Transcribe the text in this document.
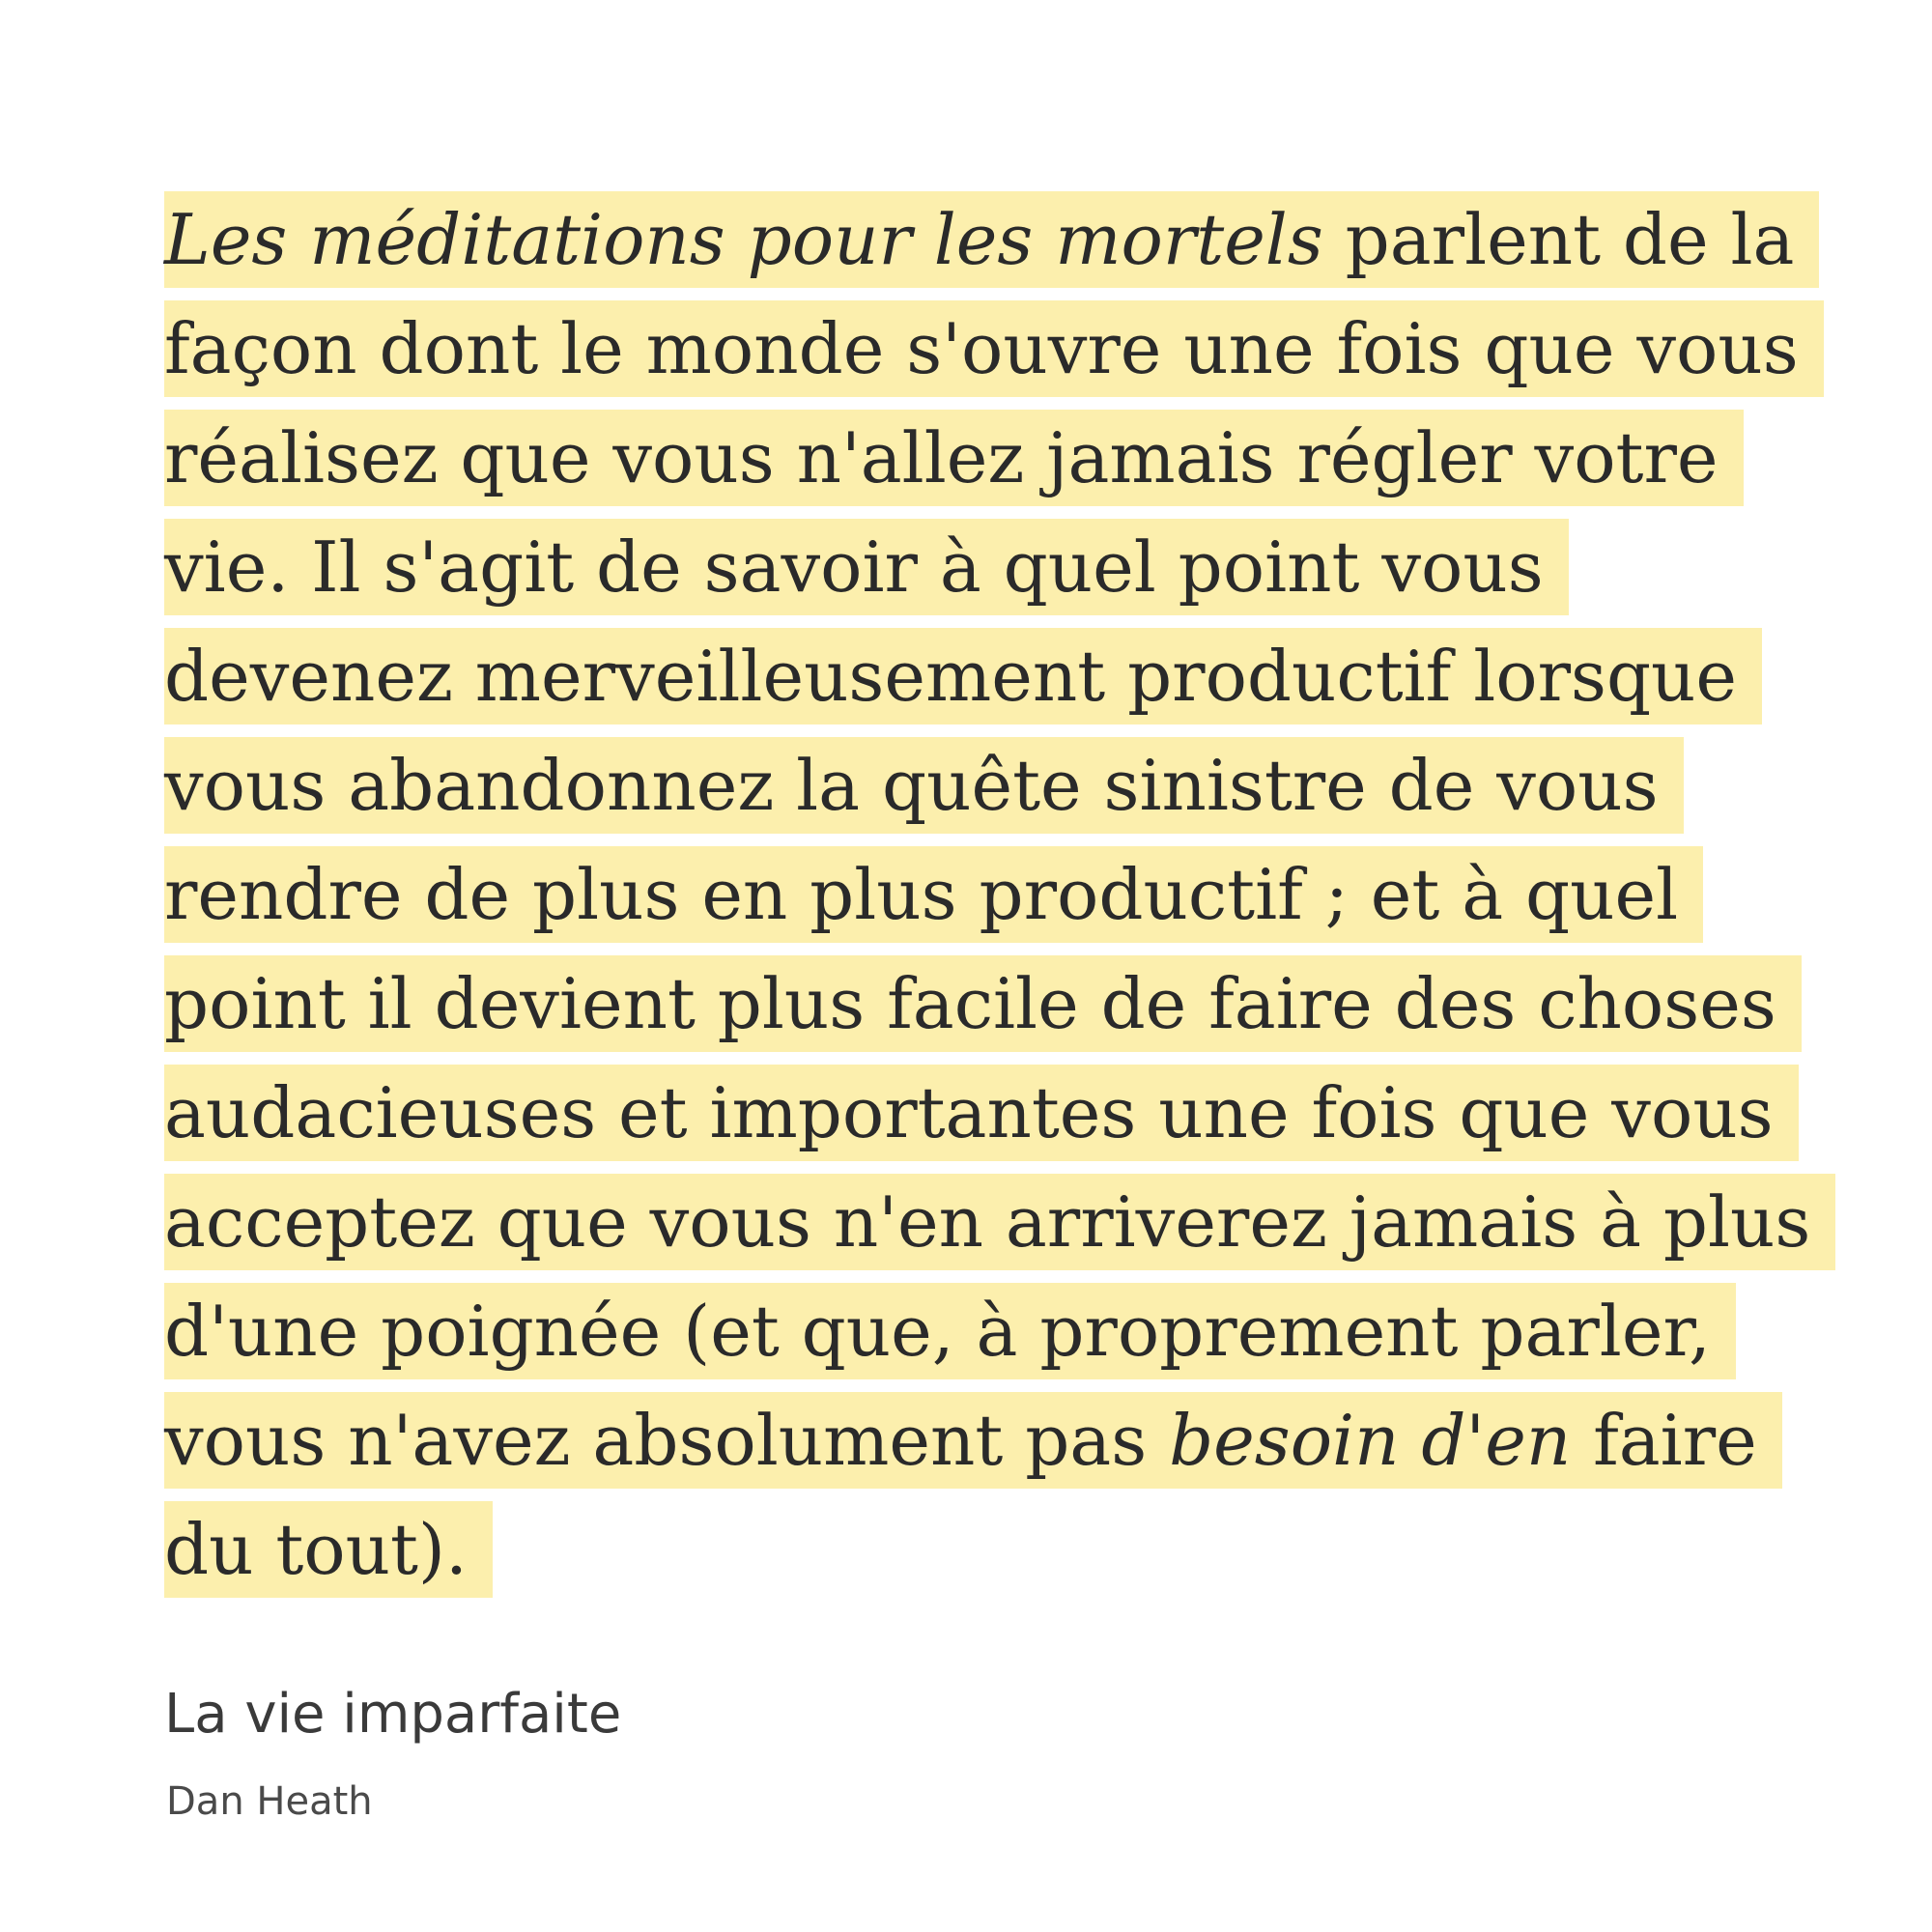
Les méditations pour les mortels parlent de la
façon dont le monde s'ouvre une fois que vous
réalisez que vous n'allez jamais régler votre
vie. Il s'agit de savoir à quel point vous
devenez merveilleusement productif lorsque
vous abandonnez la quête sinistre de vous
rendre de plus en plus productif ; et à quel
point il devient plus facile de faire des choses
audacieuses et importantes une fois que vous
acceptez que vous n'en arriverez jamais à plus
d'une poignée (et que, à proprement parler,
vous n'avez absolument pas besoin d'en faire
du tout).
La vie imparfaite
Dan Heath
